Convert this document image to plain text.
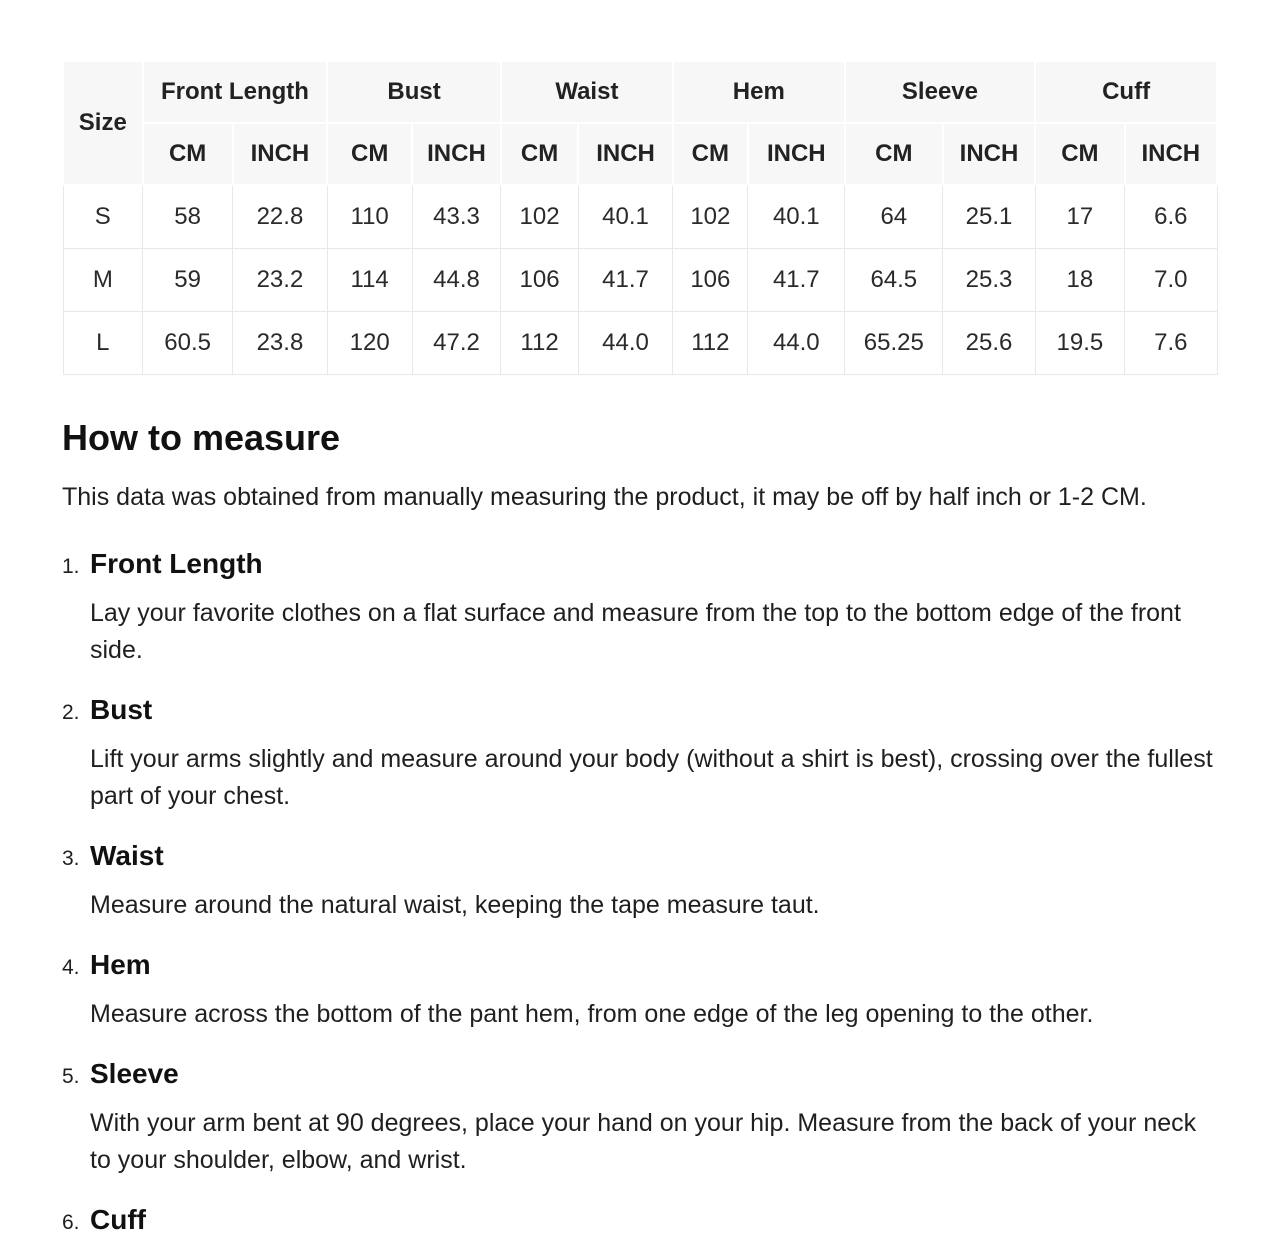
Size	Front Length		Bust		Waist		Hem		Sleeve		Cuff	
	CM	INCH	CM	INCH	CM	INCH	CM	INCH	CM	INCH	CM	INCH
S	58	22.8	110	43.3	102	40.1	102	40.1	64	25.1	17	6.6
M	59	23.2	114	44.8	106	41.7	106	41.7	64.5	25.3	18	7.0
L	60.5	23.8	120	47.2	112	44.0	112	44.0	65.25	25.6	19.5	7.6
How to measure

This data was obtained from manually measuring the product, it may be off by half inch or 1-2 CM.

1. Front Length

Lay your favorite clothes on a flat surface and measure from the top to the bottom edge of the front side.

2. Bust

Lift your arms slightly and measure around your body (without a shirt is best), crossing over the fullest part of your chest.

3. Waist

Measure around the natural waist, keeping the tape measure taut.

4. Hem

Measure across the bottom of the pant hem, from one edge of the leg opening to the other.

5. Sleeve

With your arm bent at 90 degrees, place your hand on your hip. Measure from the back of your neck to your shoulder, elbow, and wrist.

6. Cuff
